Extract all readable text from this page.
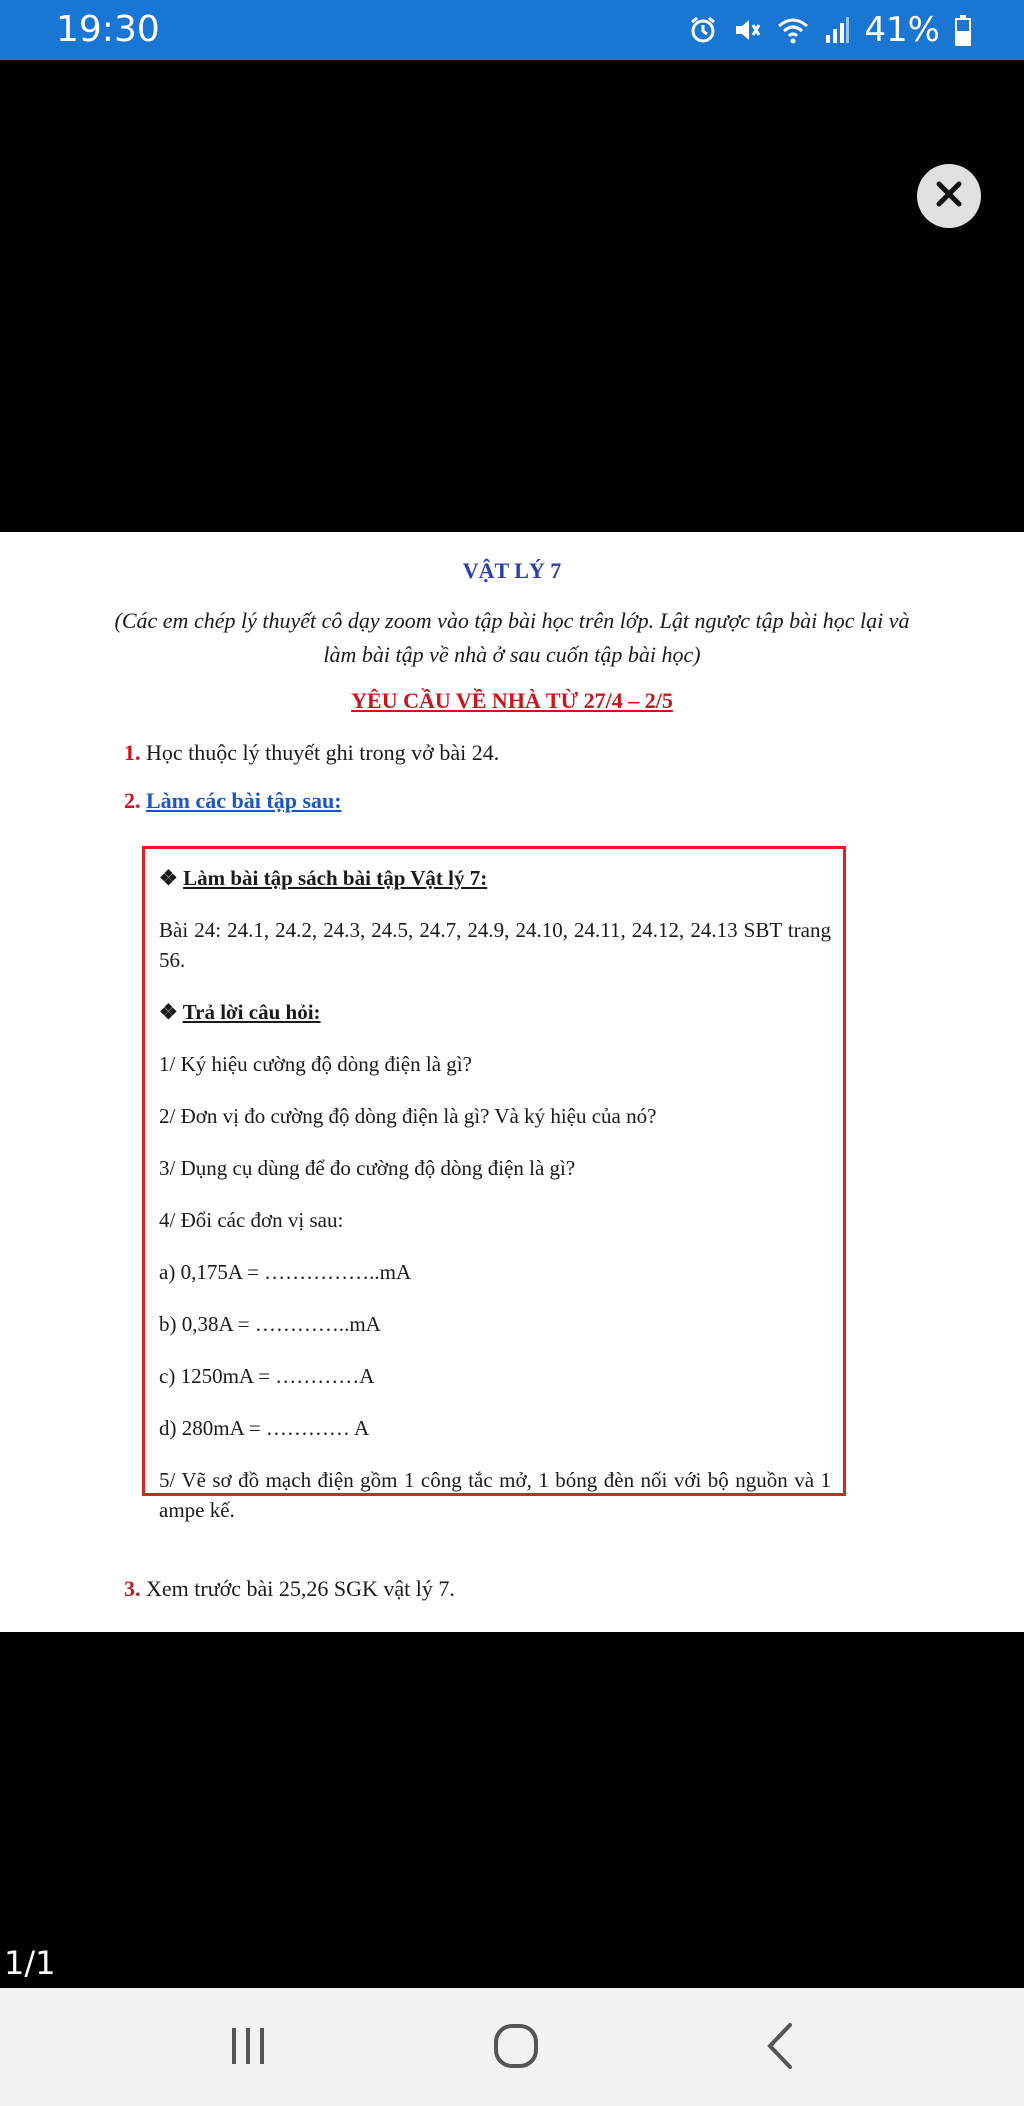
19:30	41%
VẬT LÝ 7
(Các em chép lý thuyết cô dạy zoom vào tập bài học trên lớp. Lật ngược tập bài học lại và làm bài tập về nhà ở sau cuốn tập bài học)
YÊU CẦU VỀ NHÀ TỪ 27/4 – 2/5
1. Học thuộc lý thuyết ghi trong vở bài 24.
2. Làm các bài tập sau:

❖ Làm bài tập sách bài tập Vật lý 7:

Bài 24: 24.1, 24.2, 24.3, 24.5, 24.7, 24.9, 24.10, 24.11, 24.12, 24.13 SBT trang 56.

❖ Trả lời câu hỏi:

1/ Ký hiệu cường độ dòng điện là gì?

2/ Đơn vị đo cường độ dòng điện là gì? Và ký hiệu của nó?

3/ Dụng cụ dùng để đo cường độ dòng điện là gì?

4/ Đổi các đơn vị sau:

a) 0,175A = ……………..mA

b) 0,38A = …………..mA

c) 1250mA = …………A

d) 280mA = ………… A

5/ Vẽ sơ đồ mạch điện gồm 1 công tắc mở, 1 bóng đèn nối với bộ nguồn và 1 ampe kế.

3. Xem trước bài 25,26 SGK vật lý 7.
1/1
